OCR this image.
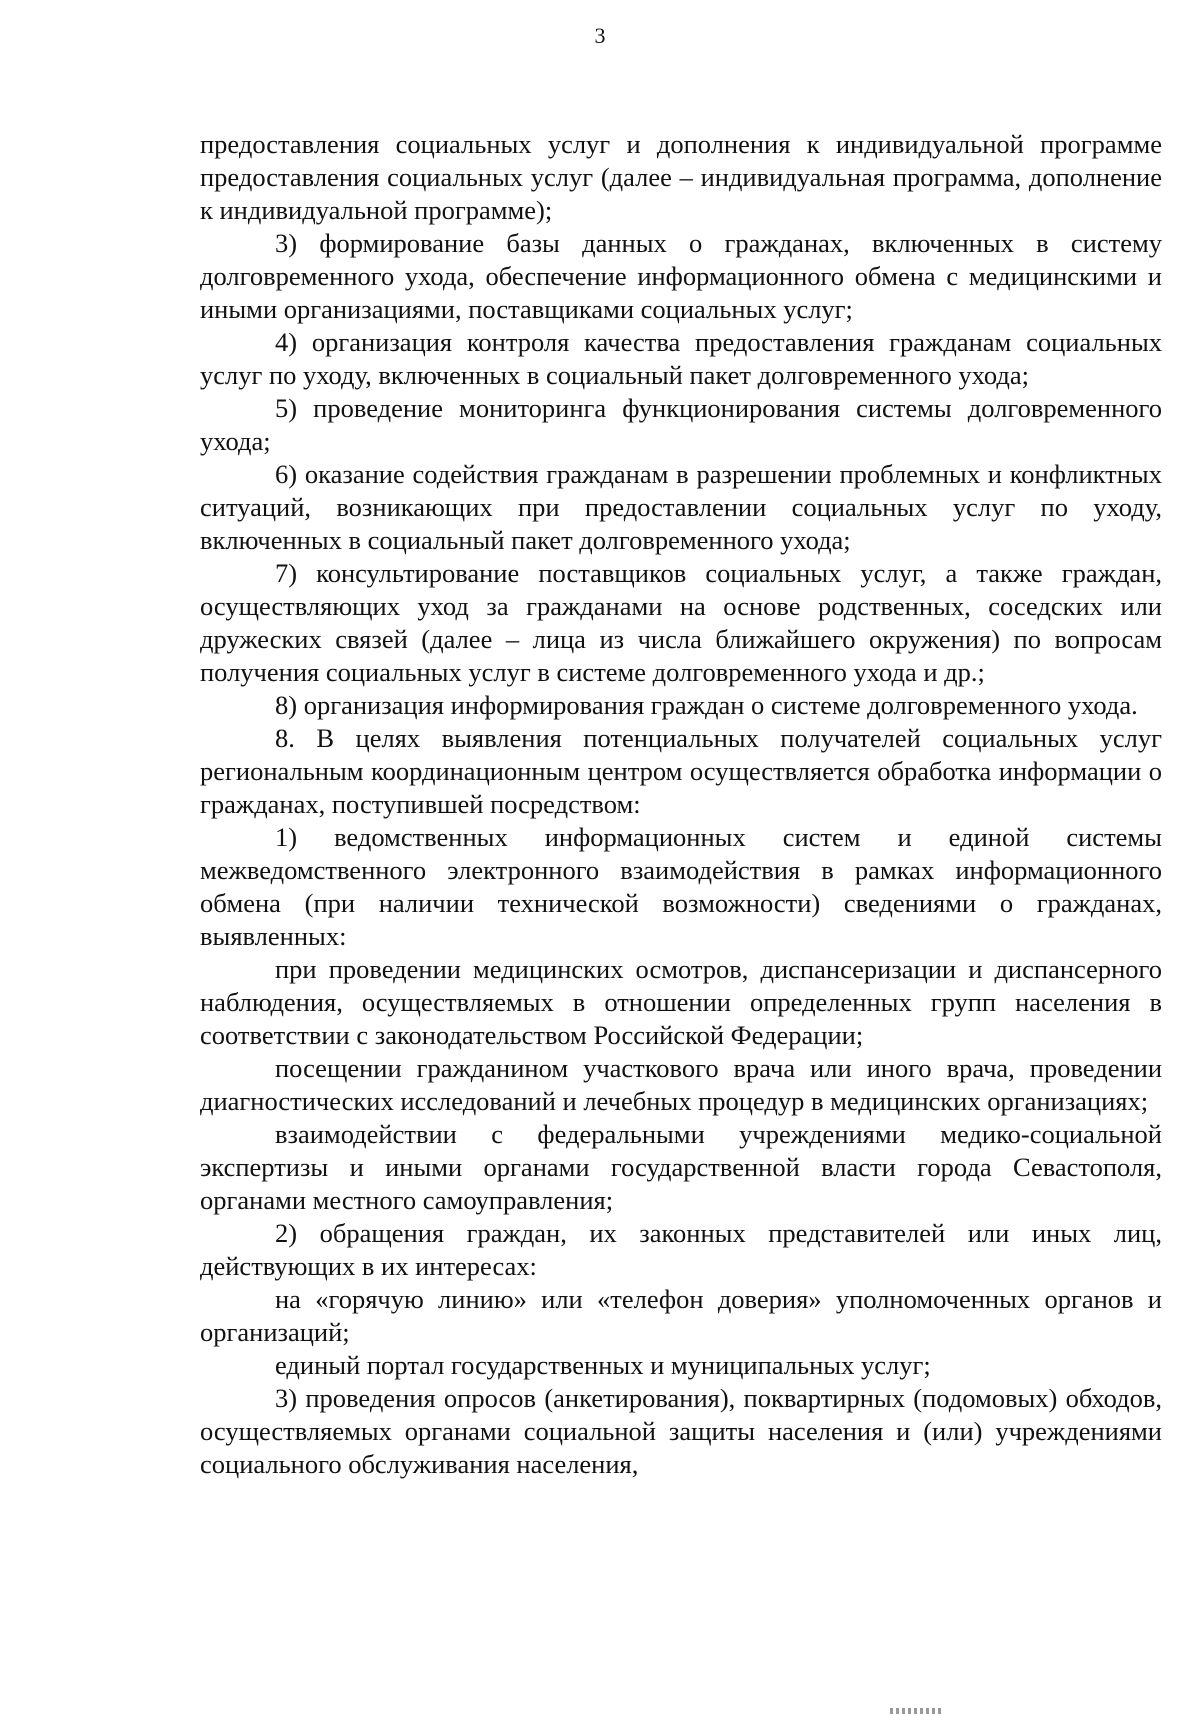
3

предоставления социальных услуг и дополнения к индивидуальной программе предоставления социальных услуг (далее – индивидуальная программа, дополнение к индивидуальной программе);

3) формирование базы данных о гражданах, включенных в систему долговременного ухода, обеспечение информационного обмена с медицинскими и иными организациями, поставщиками социальных услуг;

4) организация контроля качества предоставления гражданам социальных услуг по уходу, включенных в социальный пакет долговременного ухода;

5) проведение мониторинга функционирования системы долговременного ухода;

6) оказание содействия гражданам в разрешении проблемных и конфликтных ситуаций, возникающих при предоставлении социальных услуг по уходу, включенных в социальный пакет долговременного ухода;

7) консультирование поставщиков социальных услуг, а также граждан, осуществляющих уход за гражданами на основе родственных, соседских или дружеских связей (далее – лица из числа ближайшего окружения) по вопросам получения социальных услуг в системе долговременного ухода и др.;

8) организация информирования граждан о системе долговременного ухода.

8. В целях выявления потенциальных получателей социальных услуг региональным координационным центром осуществляется обработка информации о гражданах, поступившей посредством:

1) ведомственных информационных систем и единой системы межведомственного электронного взаимодействия в рамках информационного обмена (при наличии технической возможности) сведениями о гражданах, выявленных:

при проведении медицинских осмотров, диспансеризации и диспансерного наблюдения, осуществляемых в отношении определенных групп населения в соответствии с законодательством Российской Федерации;

посещении гражданином участкового врача или иного врача, проведении диагностических исследований и лечебных процедур в медицинских организациях;

взаимодействии с федеральными учреждениями медико-социальной экспертизы и иными органами государственной власти города Севастополя, органами местного самоуправления;

2) обращения граждан, их законных представителей или иных лиц, действующих в их интересах:

на «горячую линию» или «телефон доверия» уполномоченных органов и организаций;

единый портал государственных и муниципальных услуг;

3) проведения опросов (анкетирования), поквартирных (подомовых) обходов, осуществляемых органами социальной защиты населения и (или) учреждениями социального обслуживания населения,
